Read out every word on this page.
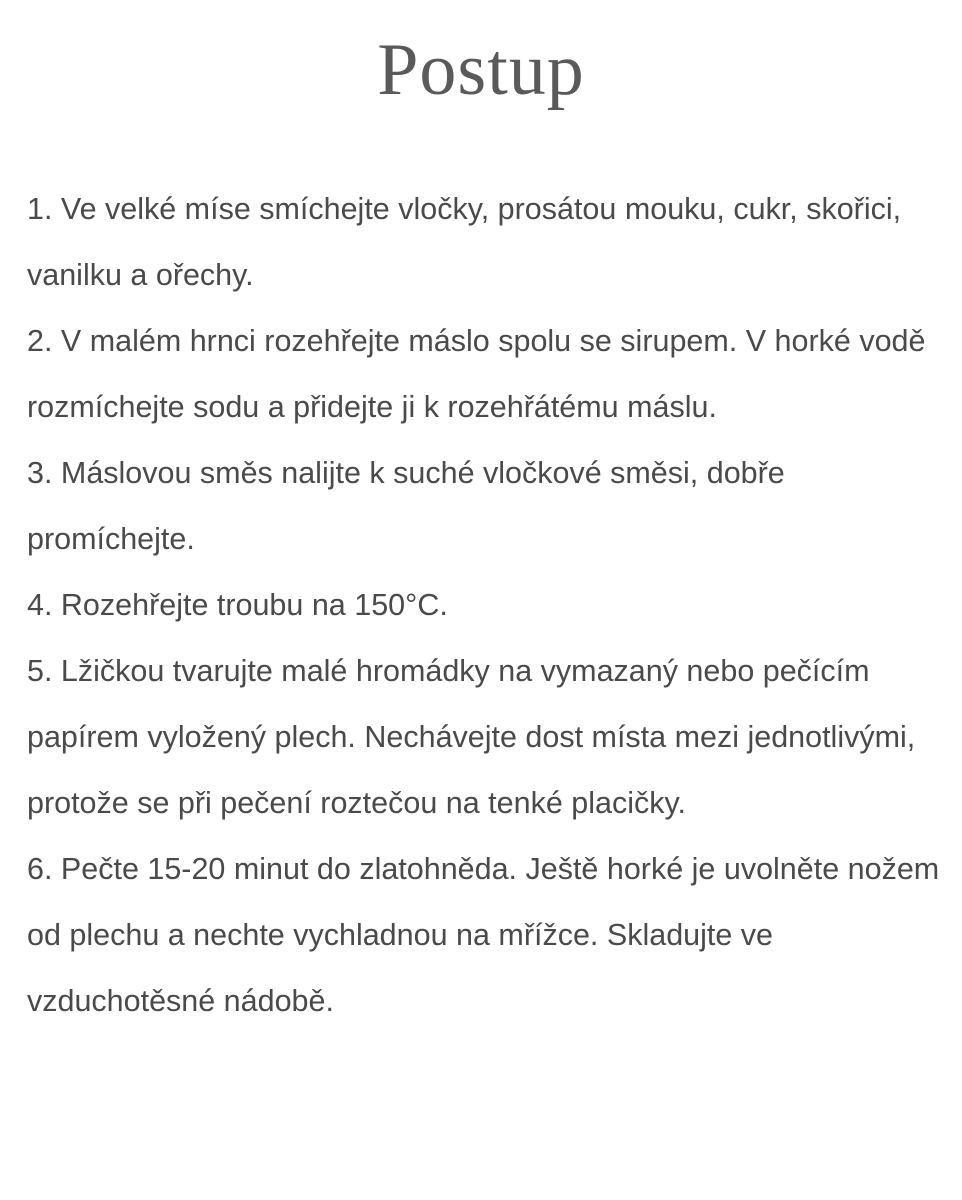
Postup
1. Ve velké míse smíchejte vločky, prosátou mouku, cukr, skořici, vanilku a ořechy.
2. V malém hrnci rozehřejte máslo spolu se sirupem. V horké vodě rozmíchejte sodu a přidejte ji k rozehřátému máslu.
3. Máslovou směs nalijte k suché vločkové směsi, dobře promíchejte.
4. Rozehřejte troubu na 150°C.
5. Lžičkou tvarujte malé hromádky na vymazaný nebo pečícím papírem vyložený plech. Nechávejte dost místa mezi jednotlivými, protože se při pečení roztečou na tenké placičky.
6. Pečte 15-20 minut do zlatohněda. Ještě horké je uvolněte nožem od plechu a nechte vychladnou na mřížce. Skladujte ve vzduchotěsné nádobě.
